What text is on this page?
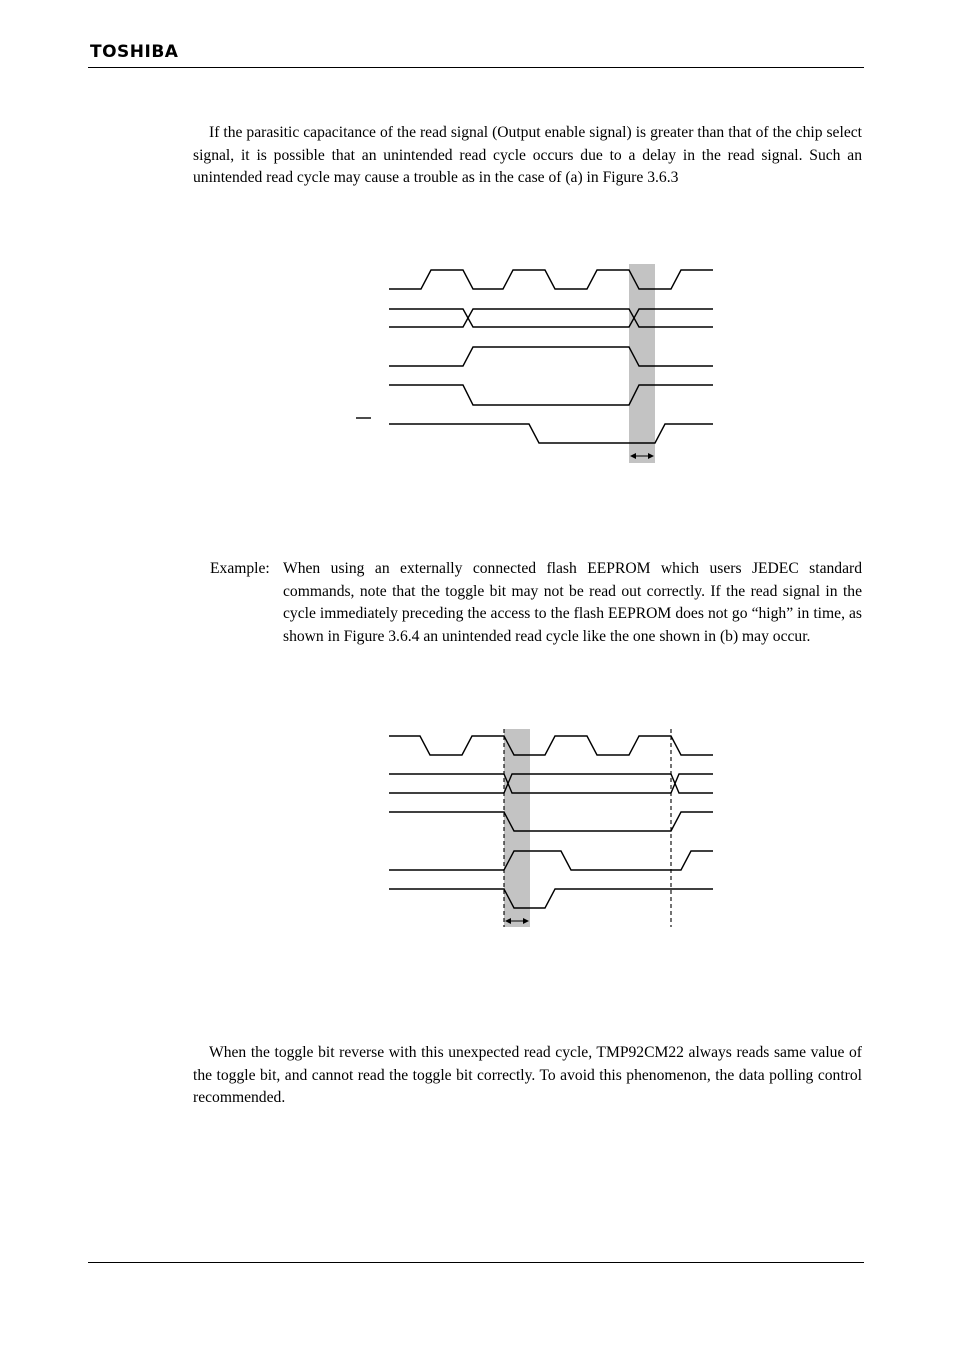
TOSHIBA

If the parasitic capacitance of the read signal (Output enable signal) is greater than that of the chip select signal, it is possible that an unintended read cycle occurs due to a delay in the read signal. Such an unintended read cycle may cause a trouble as in the case of (a) in Figure 3.6.3

Example: When using an externally connected flash EEPROM which users JEDEC standard commands, note that the toggle bit may not be read out correctly. If the read signal in the cycle immediately preceding the access to the flash EEPROM does not go “high” in time, as shown in Figure 3.6.4 an unintended read cycle like the one shown in (b) may occur.

When the toggle bit reverse with this unexpected read cycle, TMP92CM22 always reads same value of the toggle bit, and cannot read the toggle bit correctly. To avoid this phenomenon, the data polling control recommended.
